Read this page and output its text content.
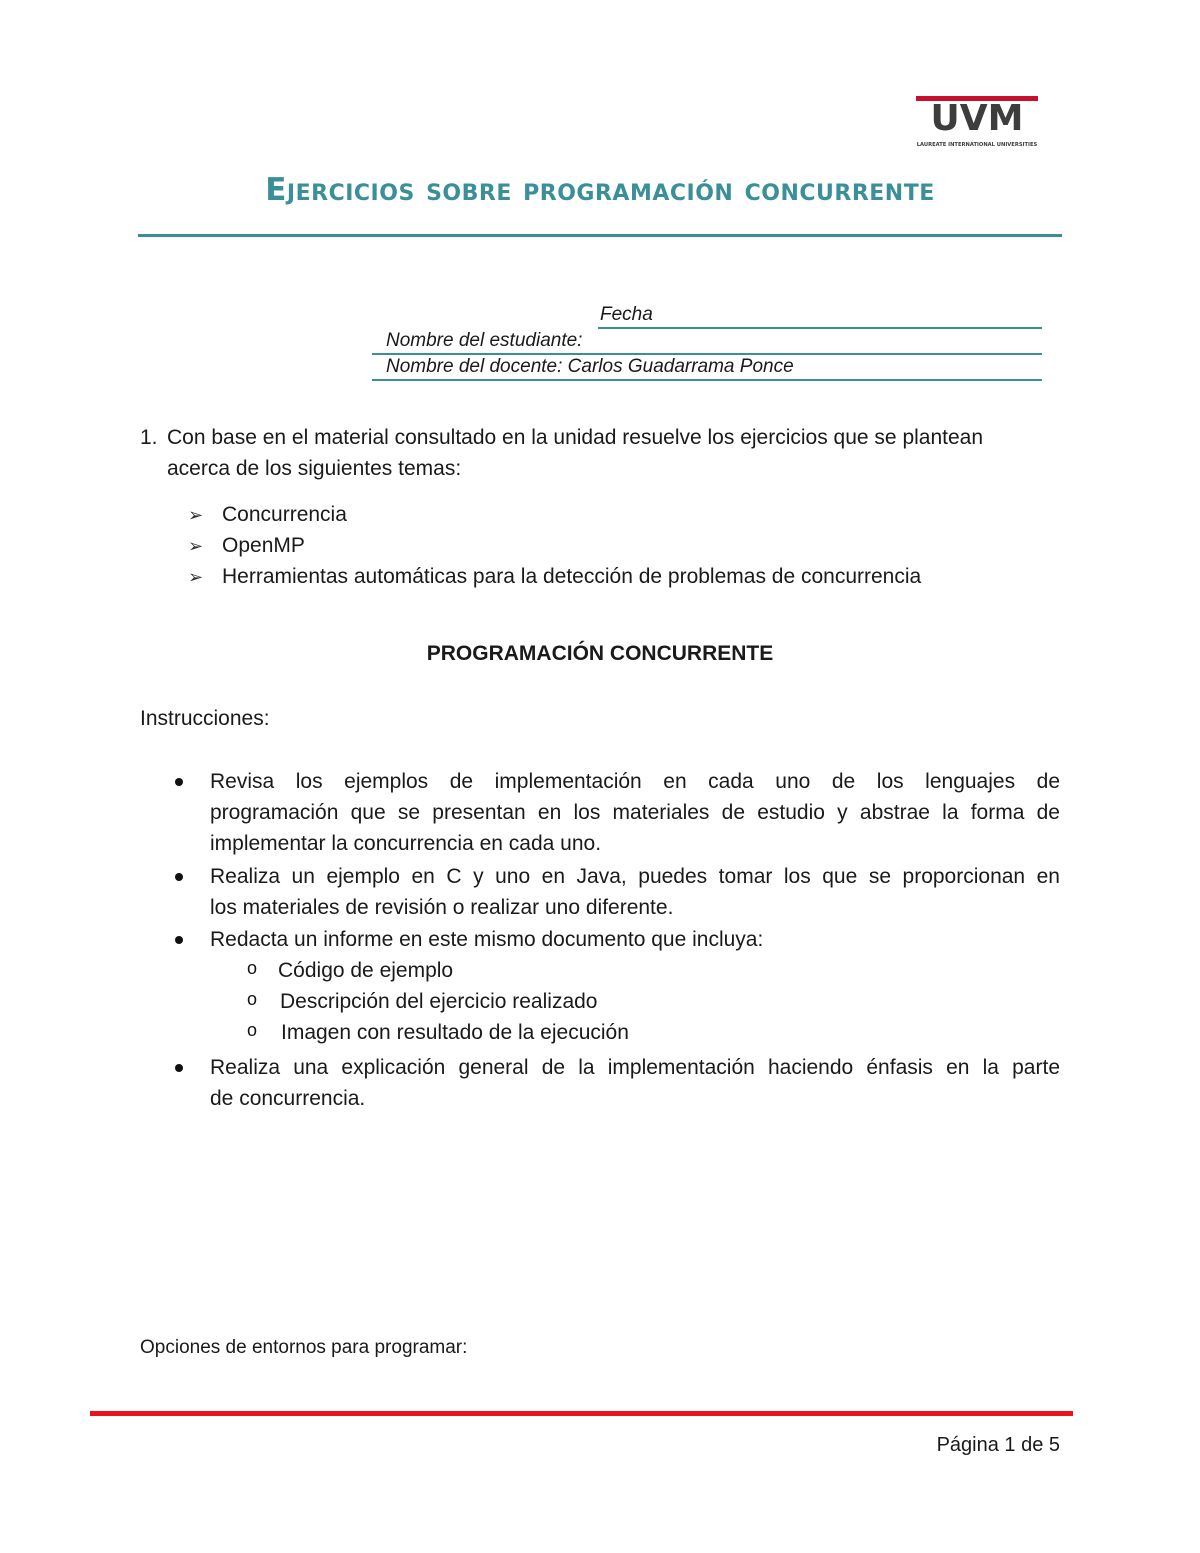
UVM
LAUREATE INTERNATIONAL UNIVERSITIES
Ejercicios sobre programación concurrente
Fecha
Nombre del estudiante:
Nombre del docente: Carlos Guadarrama Ponce
1. Con base en el material consultado en la unidad resuelve los ejercicios que se plantean
acerca de los siguientes temas:
➢ Concurrencia
➢ OpenMP
➢ Herramientas automáticas para la detección de problemas de concurrencia
PROGRAMACIÓN CONCURRENTE
Instrucciones:
Revisa los ejemplos de implementación en cada uno de los lenguajes de
programación que se presentan en los materiales de estudio y abstrae la forma de
implementar la concurrencia en cada uno.
Realiza un ejemplo en C y uno en Java, puedes tomar los que se proporcionan en
los materiales de revisión o realizar uno diferente.
Redacta un informe en este mismo documento que incluya:
o Código de ejemplo
o Descripción del ejercicio realizado
o Imagen con resultado de la ejecución
Realiza una explicación general de la implementación haciendo énfasis en la parte
de concurrencia.
Opciones de entornos para programar:
Página 1 de 5
